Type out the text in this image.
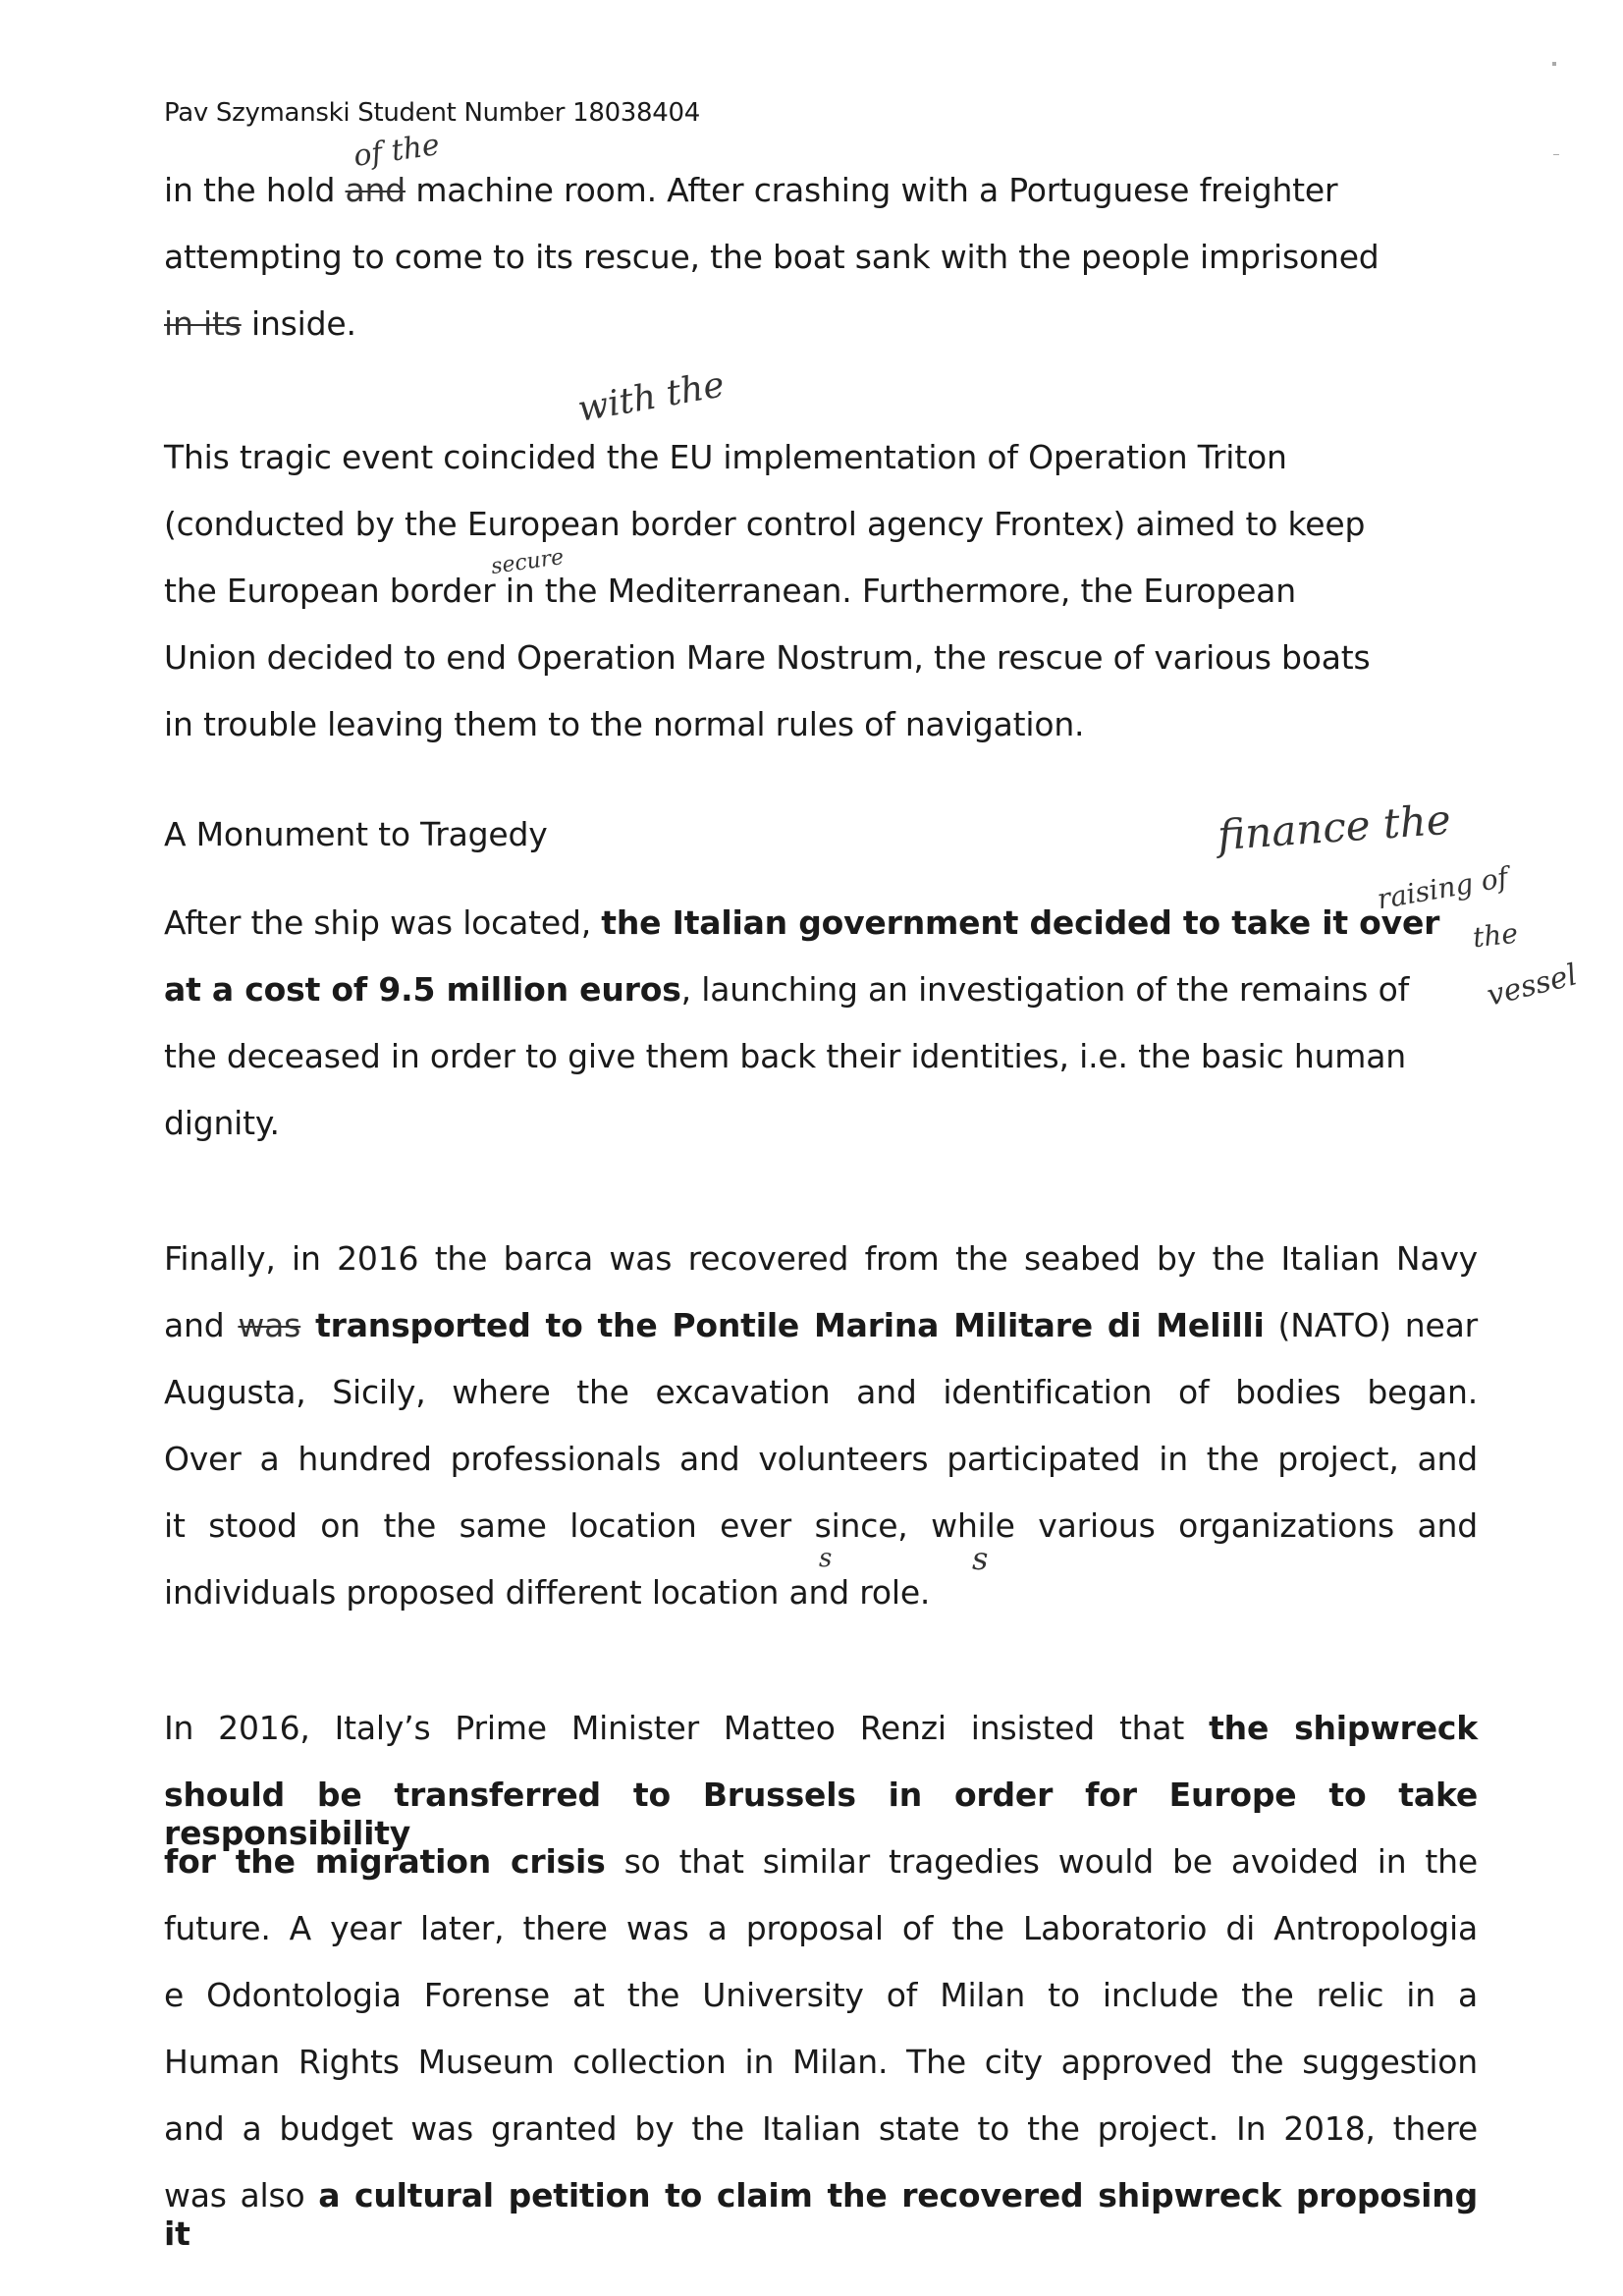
Pav Szymanski Student Number 18038404
in the hold and machine room. After crashing with a Portuguese freighter
attempting to come to its rescue, the boat sank with the people imprisoned
in its inside.
This tragic event coincided the EU implementation of Operation Triton
(conducted by the European border control agency Frontex) aimed to keep
the European border in the Mediterranean. Furthermore, the European
Union decided to end Operation Mare Nostrum, the rescue of various boats
in trouble leaving them to the normal rules of navigation.
A Monument to Tragedy
After the ship was located, the Italian government decided to take it over
at a cost of 9.5 million euros, launching an investigation of the remains of
the deceased in order to give them back their identities, i.e. the basic human
dignity.
Finally, in 2016 the barca was recovered from the seabed by the Italian Navy
and was transported to the Pontile Marina Militare di Melilli (NATO) near
Augusta, Sicily, where the excavation and identification of bodies began.
Over a hundred professionals and volunteers participated in the project, and
it stood on the same location ever since, while various organizations and
individuals proposed different location and role.
In 2016, Italy’s Prime Minister Matteo Renzi insisted that the shipwreck
should be transferred to Brussels in order for Europe to take responsibility
for the migration crisis so that similar tragedies would be avoided in the
future. A year later, there was a proposal of the Laboratorio di Antropologia
e Odontologia Forense at the University of Milan to include the relic in a
Human Rights Museum collection in Milan. The city approved the suggestion
and a budget was granted by the Italian state to the project. In 2018, there
was also a cultural petition to claim the recovered shipwreck proposing it
of the
with the
secure
finance the
raising of
the
vessel
s	s
